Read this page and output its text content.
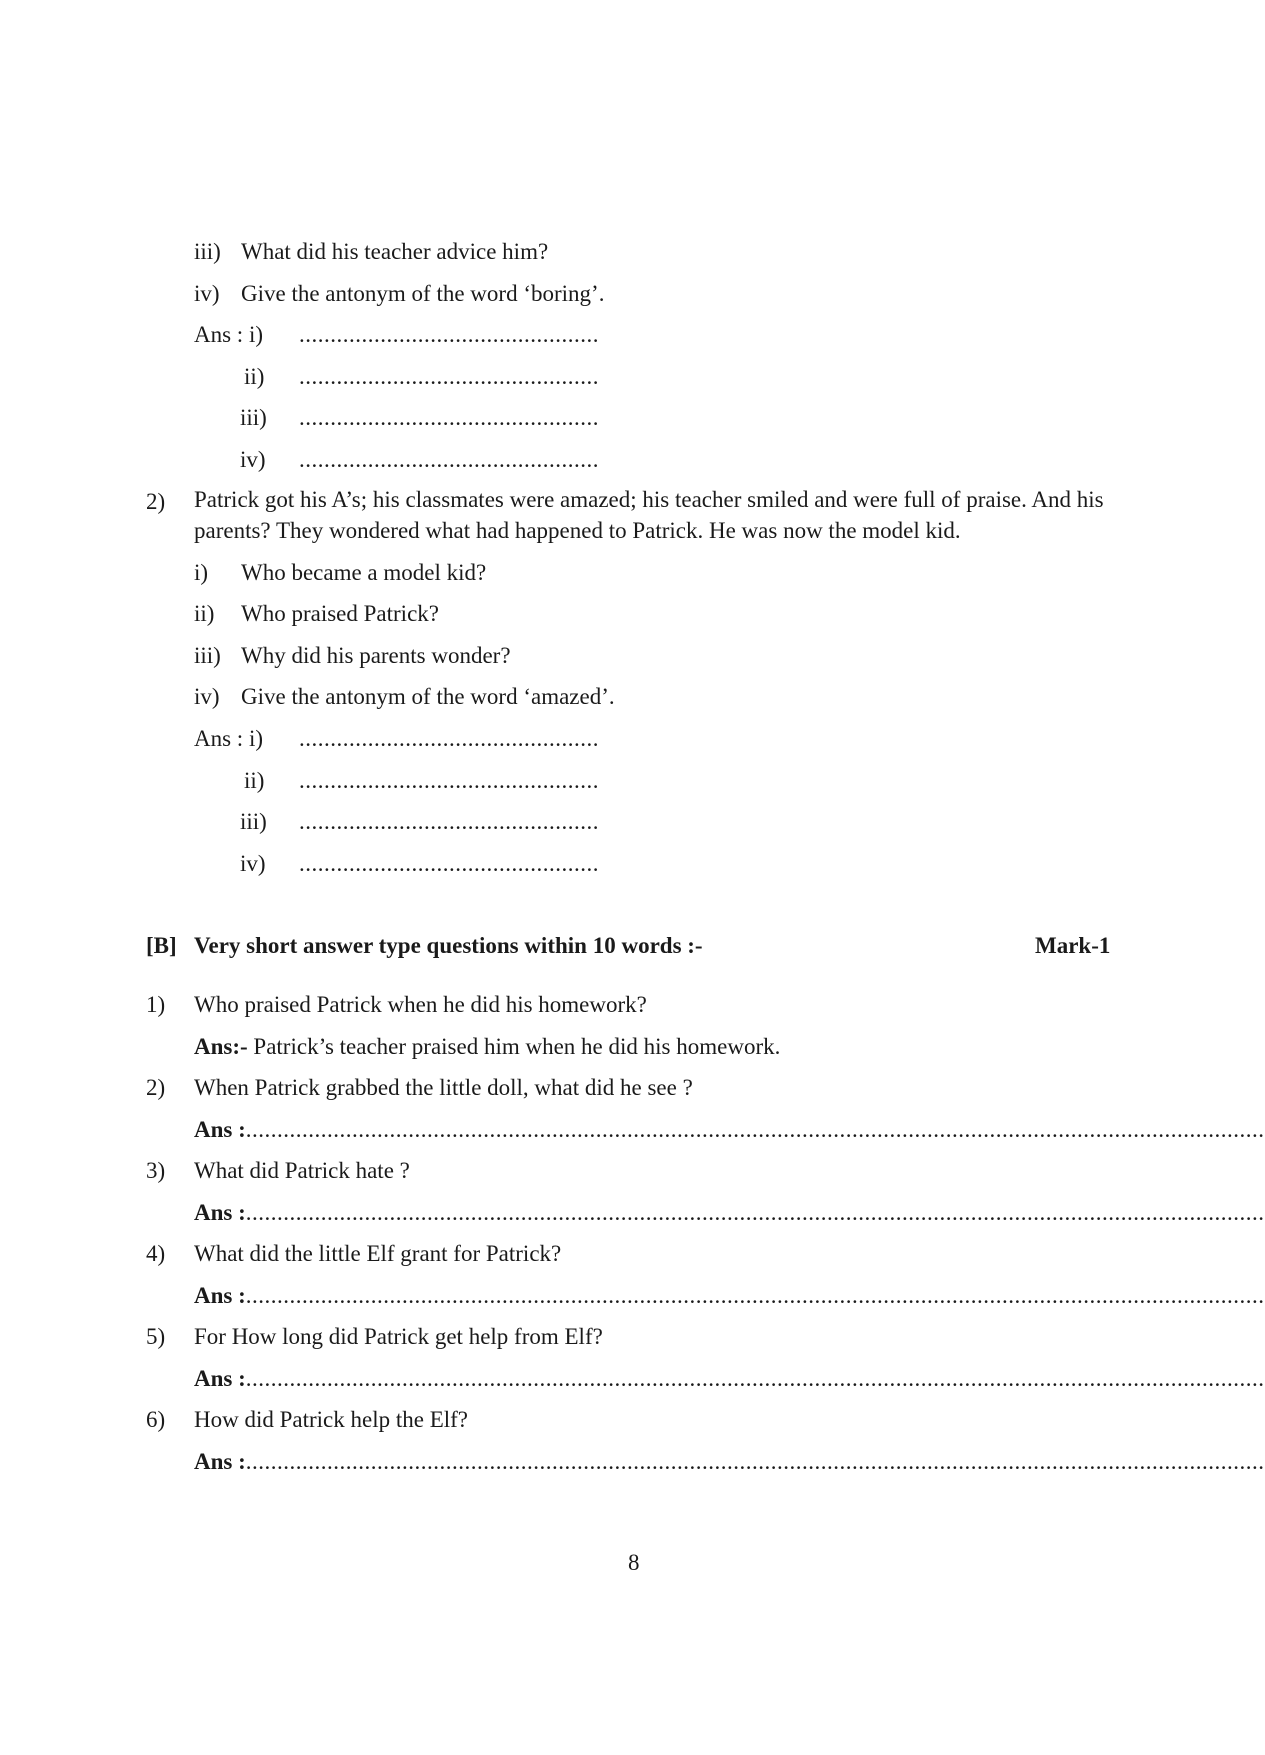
iii) What did his teacher advice him?
iv) Give the antonym of the word ‘boring’.
Ans : i) ................................................
ii) ................................................
iii) ................................................
iv) ................................................
2) Patrick got his A’s; his classmates were amazed; his teacher smiled and were full of praise. And his parents? They wondered what had happened to Patrick. He was now the model kid.
i) Who became a model kid?
ii) Who praised Patrick?
iii) Why did his parents wonder?
iv) Give the antonym of the word ‘amazed’.
Ans : i) ................................................
ii) ................................................
iii) ................................................
iv) ................................................
[B] Very short answer type questions within 10 words :-	Mark-1
1) Who praised Patrick when he did his homework?
Ans:- Patrick’s teacher praised him when he did his homework.
2) When Patrick grabbed the little doll, what did he see ?
Ans :...................................................................................................................................................................
3) What did Patrick hate ?
Ans :...................................................................................................................................................................
4) What did the little Elf grant for Patrick?
Ans :...................................................................................................................................................................
5) For How long did Patrick get help from Elf?
Ans :...................................................................................................................................................................
6) How did Patrick help the Elf?
Ans :...................................................................................................................................................................
8
